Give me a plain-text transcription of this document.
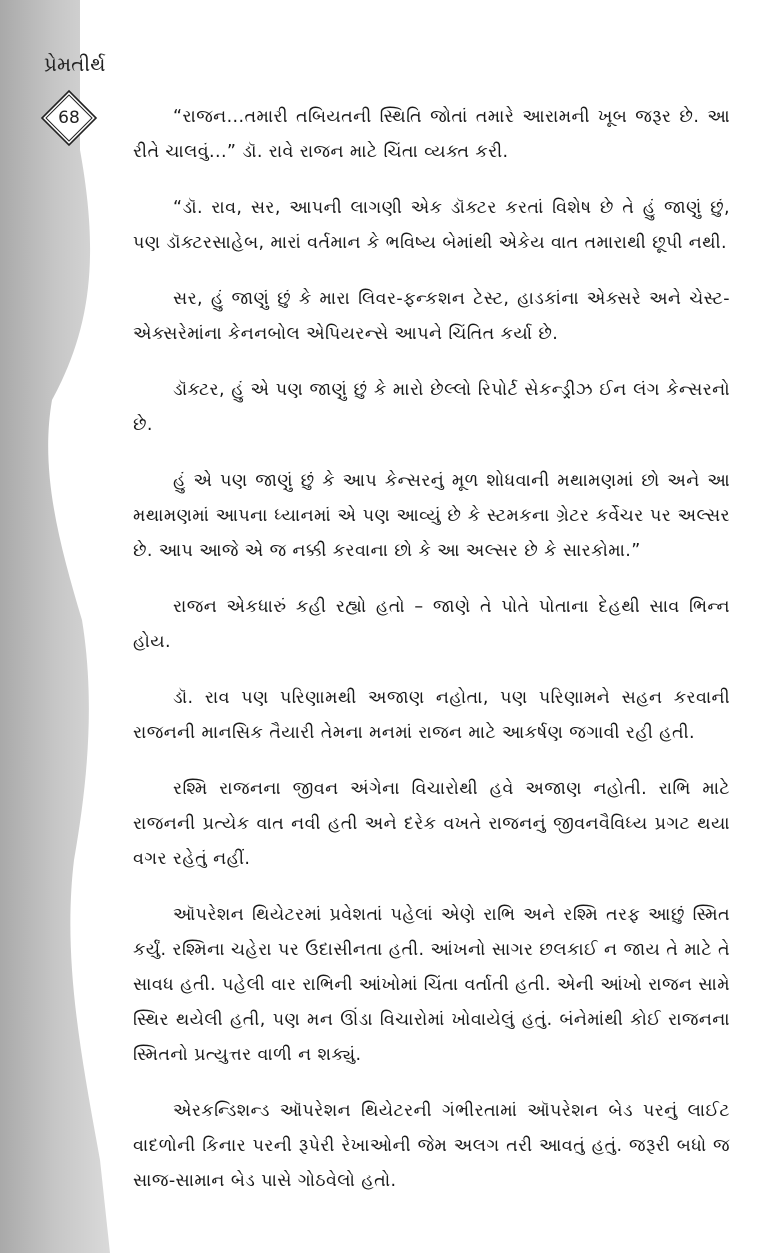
પ્રેમતીર્થ
68	“રાજન...તમારી તબિયતની સ્થિતિ જોતાં તમારે આરામની ખૂબ જરૂર છે. આ રીતે ચાલવું...” ડૉ. રાવે રાજન માટે ચિંતા વ્યક્ત કરી.

“ડૉ. રાવ, સર, આપની લાગણી એક ડૉક્ટર કરતાં વિશેષ છે તે હું જાણું છું, પણ ડૉક્ટરસાહેબ, મારાં વર્તમાન કે ભવિષ્ય બેમાંથી એકેય વાત તમારાથી છૂપી નથી.

સર, હું જાણું છું કે મારા લિવર-ફન્કશન ટેસ્ટ, હાડકાંના એક્સરે અને ચેસ્ટ-એક્સરેમાંના કેનનબોલ એપિયરન્સે આપને ચિંતિત કર્યા છે.

ડૉક્ટર, હું એ પણ જાણું છું કે મારો છેલ્લો રિપોર્ટ સેકન્ડ્રીઝ ઈન લંગ કેન્સરનો છે.

હું એ પણ જાણું છું કે આપ કેન્સરનું મૂળ શોધવાની મથામણમાં છો અને આ મથામણમાં આપના ધ્યાનમાં એ પણ આવ્યું છે કે સ્ટમકના ગ્રેટર કર્વેચર પર અલ્સર છે. આપ આજે એ જ નક્કી કરવાના છો કે આ અલ્સર છે કે સારકોમા.”

રાજન એકધારું કહી રહ્યો હતો – જાણે તે પોતે પોતાના દેહથી સાવ ભિન્ન હોય.

ડૉ. રાવ પણ પરિણામથી અજાણ નહોતા, પણ પરિણામને સહન કરવાની રાજનની માનસિક તૈયારી તેમના મનમાં રાજન માટે આકર્ષણ જગાવી રહી હતી.

રશ્મિ રાજનના જીવન અંગેના વિચારોથી હવે અજાણ નહોતી. રાભિ માટે રાજનની પ્રત્યેક વાત નવી હતી અને દરેક વખતે રાજનનું જીવનવૈવિધ્ય પ્રગટ થયા વગર રહેતું નહીં.

ઑપરેશન થિયેટરમાં પ્રવેશતાં પહેલાં એણે રાભિ અને રશ્મિ તરફ આછું સ્મિત કર્યું. રશ્મિના ચહેરા પર ઉદાસીનતા હતી. આંખનો સાગર છલકાઈ ન જાય તે માટે તે સાવધ હતી. પહેલી વાર રાભિની આંખોમાં ચિંતા વર્તાતી હતી. એની આંખો રાજન સામે સ્થિર થયેલી હતી, પણ મન ઊંડા વિચારોમાં ખોવાયેલું હતું. બંનેમાંથી કોઈ રાજનના સ્મિતનો પ્રત્યુત્તર વાળી ન શક્યું.

એરકન્ડિશન્ડ ઑપરેશન થિયેટરની ગંભીરતામાં ઑપરેશન બેડ પરનું લાઈટ વાદળોની કિનાર પરની રૂપેરી રેખાઓની જેમ અલગ તરી આવતું હતું. જરૂરી બધો જ સાજ-સામાન બેડ પાસે ગોઠવેલો હતો.
